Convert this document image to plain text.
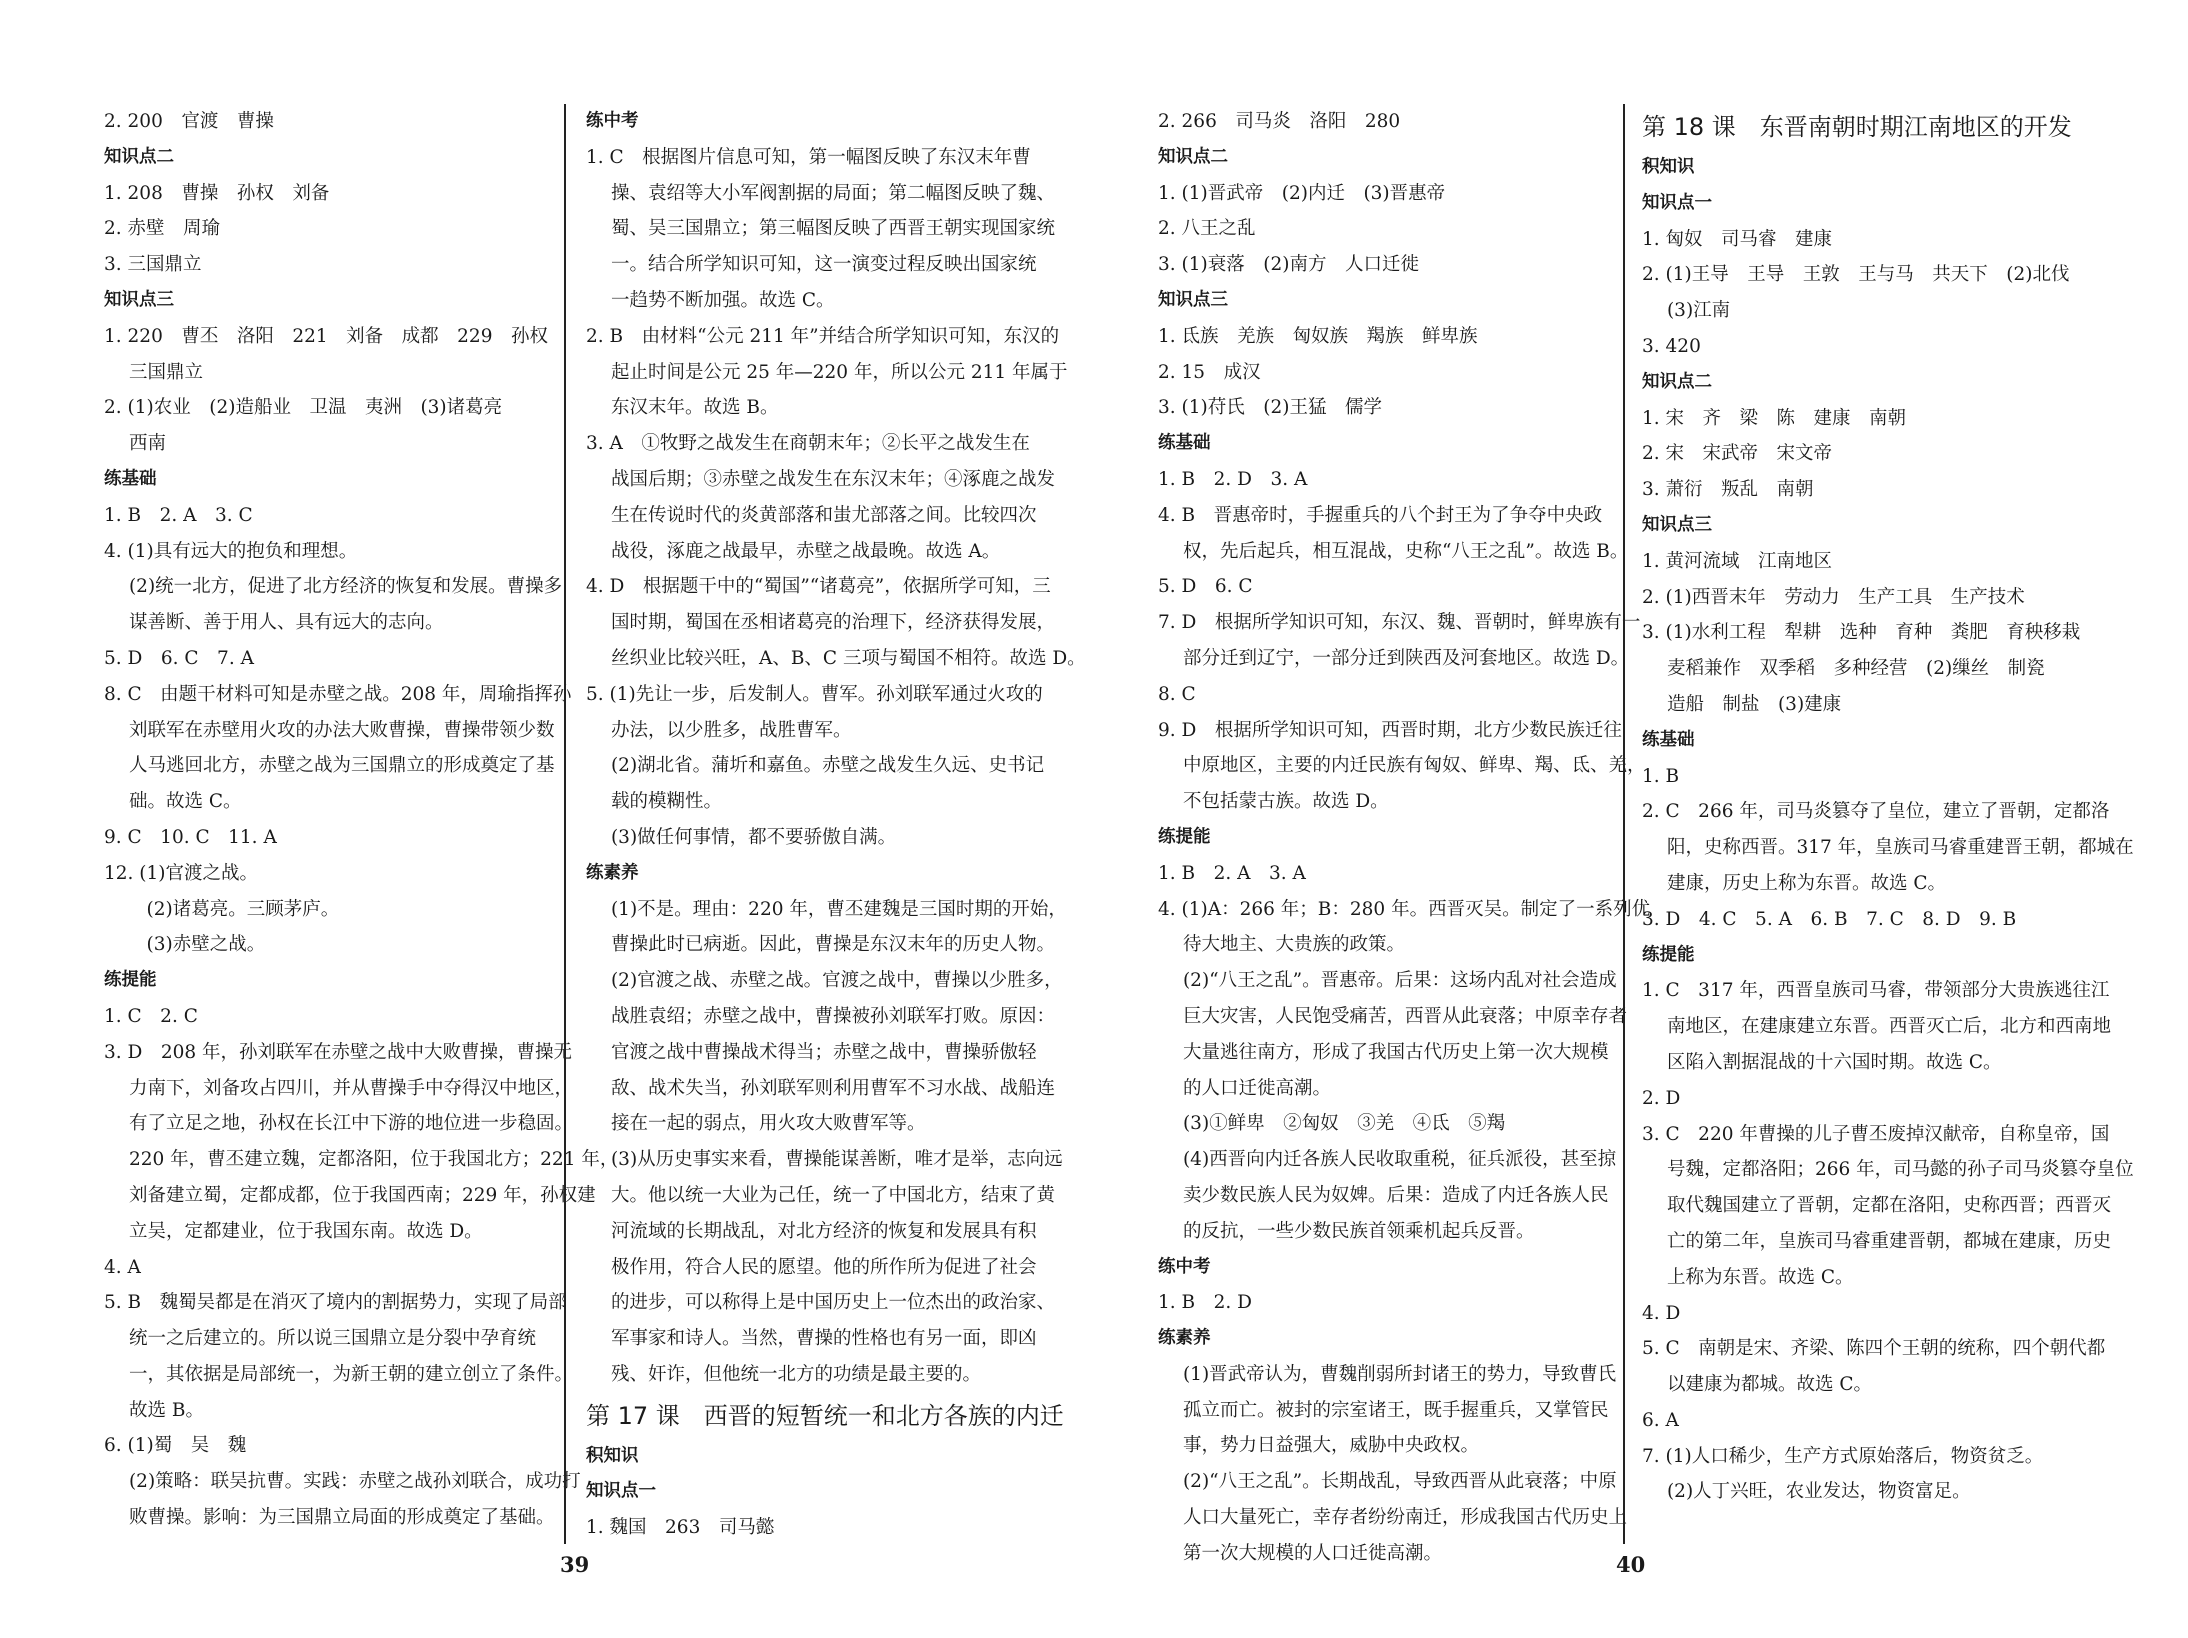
2. 200　官渡　曹操
知识点二
1. 208　曹操　孙权　刘备
2. 赤壁　周瑜
3. 三国鼎立
知识点三
1. 220　曹丕　洛阳　221　刘备　成都　229　孙权
三国鼎立
2. (1)农业　(2)造船业　卫温　夷洲　(3)诸葛亮
西南
练基础
1. B　2. A　3. C
4. (1)具有远大的抱负和理想。
(2)统一北方，促进了北方经济的恢复和发展。曹操多
谋善断、善于用人、具有远大的志向。
5. D　6. C　7. A
8. C　由题干材料可知是赤壁之战。208 年，周瑜指挥孙
刘联军在赤壁用火攻的办法大败曹操，曹操带领少数
人马逃回北方，赤壁之战为三国鼎立的形成奠定了基
础。故选 C。
9. C　10. C　11. A
12. (1)官渡之战。
(2)诸葛亮。三顾茅庐。
(3)赤壁之战。
练提能
1. C　2. C
3. D　208 年，孙刘联军在赤壁之战中大败曹操，曹操无
力南下，刘备攻占四川，并从曹操手中夺得汉中地区，
有了立足之地，孙权在长江中下游的地位进一步稳固。
220 年，曹丕建立魏，定都洛阳，位于我国北方；221 年，
刘备建立蜀，定都成都，位于我国西南；229 年，孙权建
立吴，定都建业，位于我国东南。故选 D。
4. A
5. B　魏蜀吴都是在消灭了境内的割据势力，实现了局部
统一之后建立的。所以说三国鼎立是分裂中孕育统
一，其依据是局部统一，为新王朝的建立创立了条件。
故选 B。
6. (1)蜀　吴　魏
(2)策略：联吴抗曹。实践：赤壁之战孙刘联合，成功打
败曹操。影响：为三国鼎立局面的形成奠定了基础。
练中考
1. C　根据图片信息可知，第一幅图反映了东汉末年曹
操、袁绍等大小军阀割据的局面；第二幅图反映了魏、
蜀、吴三国鼎立；第三幅图反映了西晋王朝实现国家统
一。结合所学知识可知，这一演变过程反映出国家统
一趋势不断加强。故选 C。
2. B　由材料“公元 211 年”并结合所学知识可知，东汉的
起止时间是公元 25 年—220 年，所以公元 211 年属于
东汉末年。故选 B。
3. A　①牧野之战发生在商朝末年；②长平之战发生在
战国后期；③赤壁之战发生在东汉末年；④涿鹿之战发
生在传说时代的炎黄部落和蚩尤部落之间。比较四次
战役，涿鹿之战最早，赤壁之战最晚。故选 A。
4. D　根据题干中的“蜀国”“诸葛亮”，依据所学可知，三
国时期，蜀国在丞相诸葛亮的治理下，经济获得发展，
丝织业比较兴旺，A、B、C 三项与蜀国不相符。故选 D。
5. (1)先让一步，后发制人。曹军。孙刘联军通过火攻的
办法，以少胜多，战胜曹军。
(2)湖北省。蒲圻和嘉鱼。赤壁之战发生久远、史书记
载的模糊性。
(3)做任何事情，都不要骄傲自满。
练素养
(1)不是。理由：220 年，曹丕建魏是三国时期的开始，
曹操此时已病逝。因此，曹操是东汉末年的历史人物。
(2)官渡之战、赤壁之战。官渡之战中，曹操以少胜多，
战胜袁绍；赤壁之战中，曹操被孙刘联军打败。原因：
官渡之战中曹操战术得当；赤壁之战中，曹操骄傲轻
敌、战术失当，孙刘联军则利用曹军不习水战、战船连
接在一起的弱点，用火攻大败曹军等。
(3)从历史事实来看，曹操能谋善断，唯才是举，志向远
大。他以统一大业为己任，统一了中国北方，结束了黄
河流域的长期战乱，对北方经济的恢复和发展具有积
极作用，符合人民的愿望。他的所作所为促进了社会
的进步，可以称得上是中国历史上一位杰出的政治家、
军事家和诗人。当然，曹操的性格也有另一面，即凶
残、奸诈，但他统一北方的功绩是最主要的。
第 17 课　西晋的短暂统一和北方各族的内迁
积知识
知识点一
1. 魏国　263　司马懿
39
2. 266　司马炎　洛阳　280
知识点二
1. (1)晋武帝　(2)内迁　(3)晋惠帝
2. 八王之乱
3. (1)衰落　(2)南方　人口迁徙
知识点三
1. 氐族　羌族　匈奴族　羯族　鲜卑族
2. 15　成汉
3. (1)苻氏　(2)王猛　儒学
练基础
1. B　2. D　3. A
4. B　晋惠帝时，手握重兵的八个封王为了争夺中央政
权，先后起兵，相互混战，史称“八王之乱”。故选 B。
5. D　6. C
7. D　根据所学知识可知，东汉、魏、晋朝时，鲜卑族有一
部分迁到辽宁，一部分迁到陕西及河套地区。故选 D。
8. C
9. D　根据所学知识可知，西晋时期，北方少数民族迁往
中原地区，主要的内迁民族有匈奴、鲜卑、羯、氐、羌，
不包括蒙古族。故选 D。
练提能
1. B　2. A　3. A
4. (1)A：266 年；B：280 年。西晋灭吴。制定了一系列优
待大地主、大贵族的政策。
(2)“八王之乱”。晋惠帝。后果：这场内乱对社会造成
巨大灾害，人民饱受痛苦，西晋从此衰落；中原幸存者
大量逃往南方，形成了我国古代历史上第一次大规模
的人口迁徙高潮。
(3)①鲜卑　②匈奴　③羌　④氐　⑤羯
(4)西晋向内迁各族人民收取重税，征兵派役，甚至掠
卖少数民族人民为奴婢。后果：造成了内迁各族人民
的反抗，一些少数民族首领乘机起兵反晋。
练中考
1. B　2. D
练素养
(1)晋武帝认为，曹魏削弱所封诸王的势力，导致曹氏
孤立而亡。被封的宗室诸王，既手握重兵，又掌管民
事，势力日益强大，威胁中央政权。
(2)“八王之乱”。长期战乱，导致西晋从此衰落；中原
人口大量死亡，幸存者纷纷南迁，形成我国古代历史上
第一次大规模的人口迁徙高潮。
第 18 课　东晋南朝时期江南地区的开发
积知识
知识点一
1. 匈奴　司马睿　建康
2. (1)王导　王导　王敦　王与马　共天下　(2)北伐
(3)江南
3. 420
知识点二
1. 宋　齐　梁　陈　建康　南朝
2. 宋　宋武帝　宋文帝
3. 萧衍　叛乱　南朝
知识点三
1. 黄河流域　江南地区
2. (1)西晋末年　劳动力　生产工具　生产技术
3. (1)水利工程　犁耕　选种　育种　粪肥　育秧移栽
麦稻兼作　双季稻　多种经营　(2)缫丝　制瓷
造船　制盐　(3)建康
练基础
1. B
2. C　266 年，司马炎篡夺了皇位，建立了晋朝，定都洛
阳，史称西晋。317 年，皇族司马睿重建晋王朝，都城在
建康，历史上称为东晋。故选 C。
3. D　4. C　5. A　6. B　7. C　8. D　9. B
练提能
1. C　317 年，西晋皇族司马睿，带领部分大贵族逃往江
南地区，在建康建立东晋。西晋灭亡后，北方和西南地
区陷入割据混战的十六国时期。故选 C。
2. D
3. C　220 年曹操的儿子曹丕废掉汉献帝，自称皇帝，国
号魏，定都洛阳；266 年，司马懿的孙子司马炎篡夺皇位
取代魏国建立了晋朝，定都在洛阳，史称西晋；西晋灭
亡的第二年，皇族司马睿重建晋朝，都城在建康，历史
上称为东晋。故选 C。
4. D
5. C　南朝是宋、齐梁、陈四个王朝的统称，四个朝代都
以建康为都城。故选 C。
6. A
7. (1)人口稀少，生产方式原始落后，物资贫乏。
(2)人丁兴旺，农业发达，物资富足。
40
